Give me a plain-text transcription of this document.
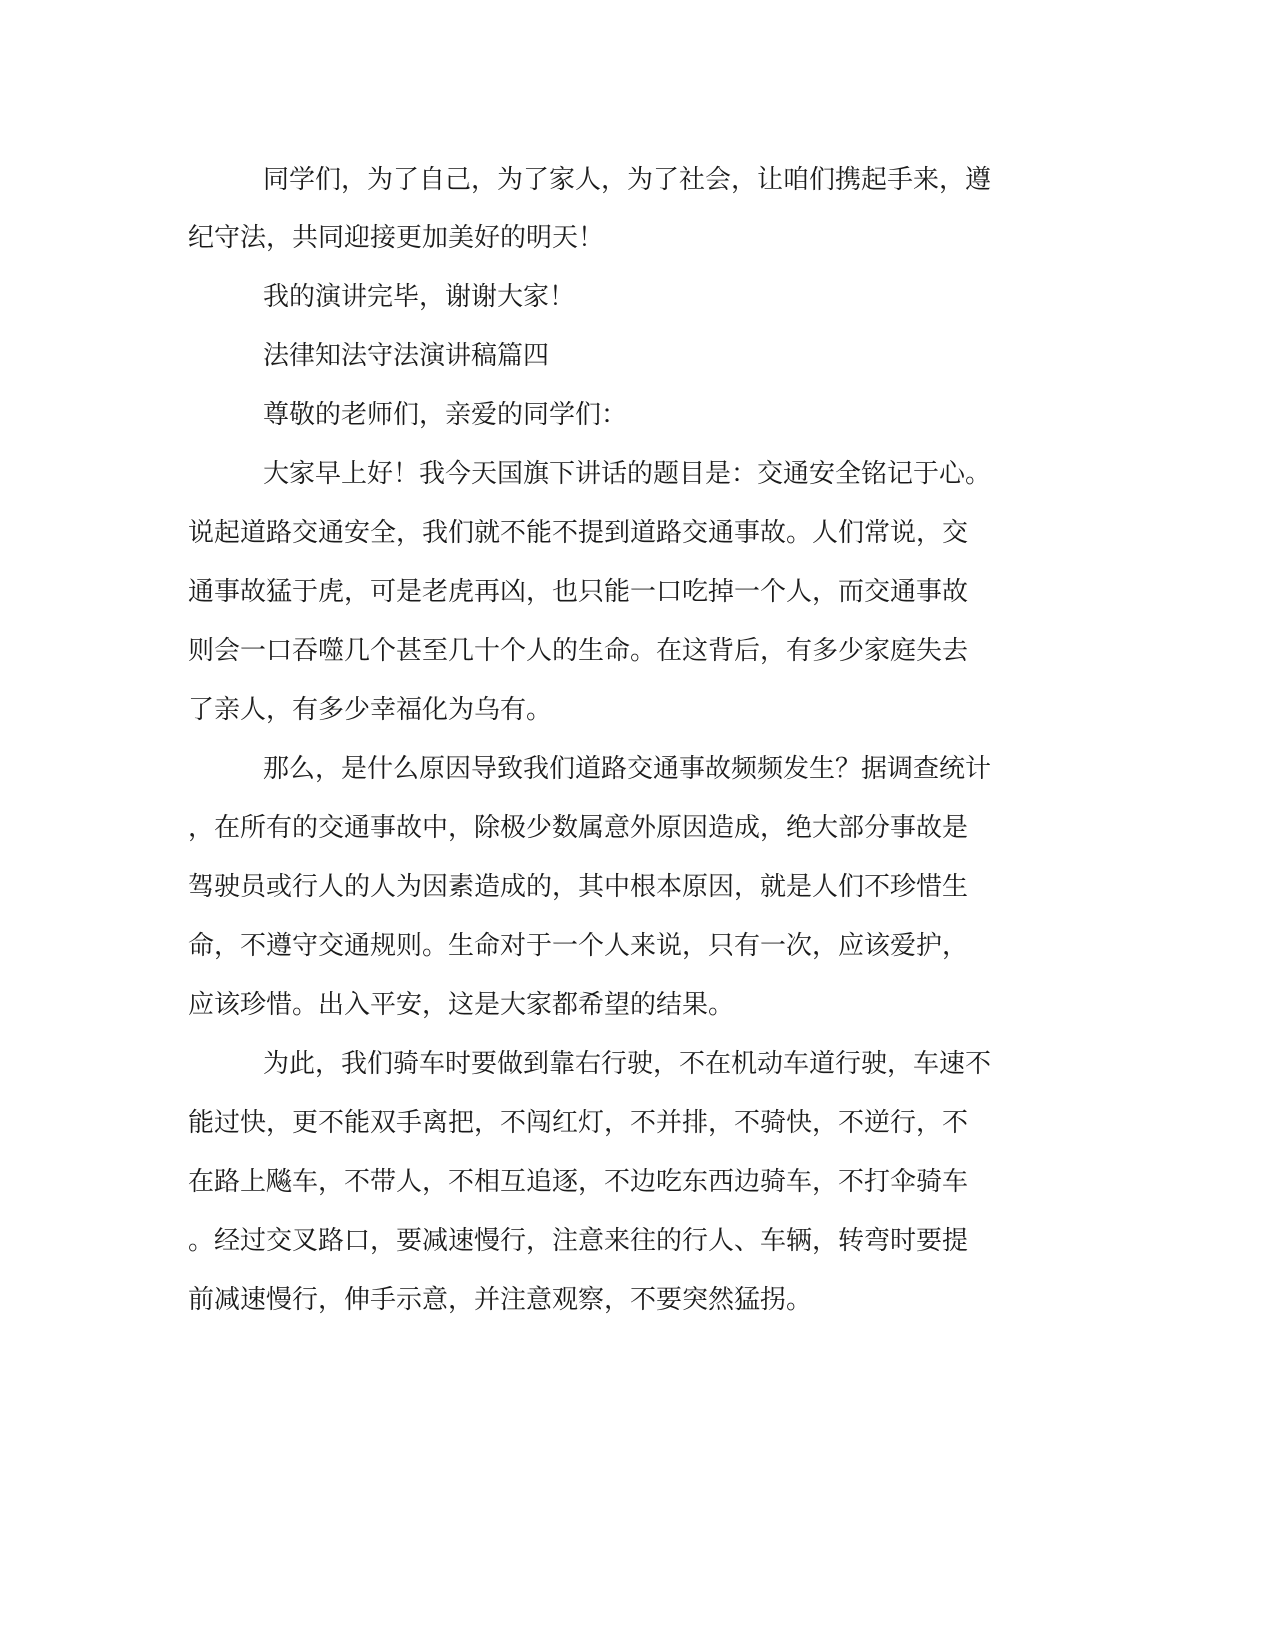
同学们，为了自己，为了家人，为了社会，让咱们携起手来，遵

纪守法，共同迎接更加美好的明天！

我的演讲完毕，谢谢大家！

法律知法守法演讲稿篇四

尊敬的老师们，亲爱的同学们：

大家早上好！我今天国旗下讲话的题目是：交通安全铭记于心。

说起道路交通安全，我们就不能不提到道路交通事故。人们常说，交

通事故猛于虎，可是老虎再凶，也只能一口吃掉一个人，而交通事故

则会一口吞噬几个甚至几十个人的生命。在这背后，有多少家庭失去

了亲人，有多少幸福化为乌有。

那么，是什么原因导致我们道路交通事故频频发生？据调查统计

，在所有的交通事故中，除极少数属意外原因造成，绝大部分事故是

驾驶员或行人的人为因素造成的，其中根本原因，就是人们不珍惜生

命，不遵守交通规则。生命对于一个人来说，只有一次，应该爱护，

应该珍惜。出入平安，这是大家都希望的结果。

为此，我们骑车时要做到靠右行驶，不在机动车道行驶，车速不

能过快，更不能双手离把，不闯红灯，不并排，不骑快，不逆行，不

在路上飚车，不带人，不相互追逐，不边吃东西边骑车，不打伞骑车

。经过交叉路口，要减速慢行，注意来往的行人、车辆，转弯时要提

前减速慢行，伸手示意，并注意观察，不要突然猛拐。
